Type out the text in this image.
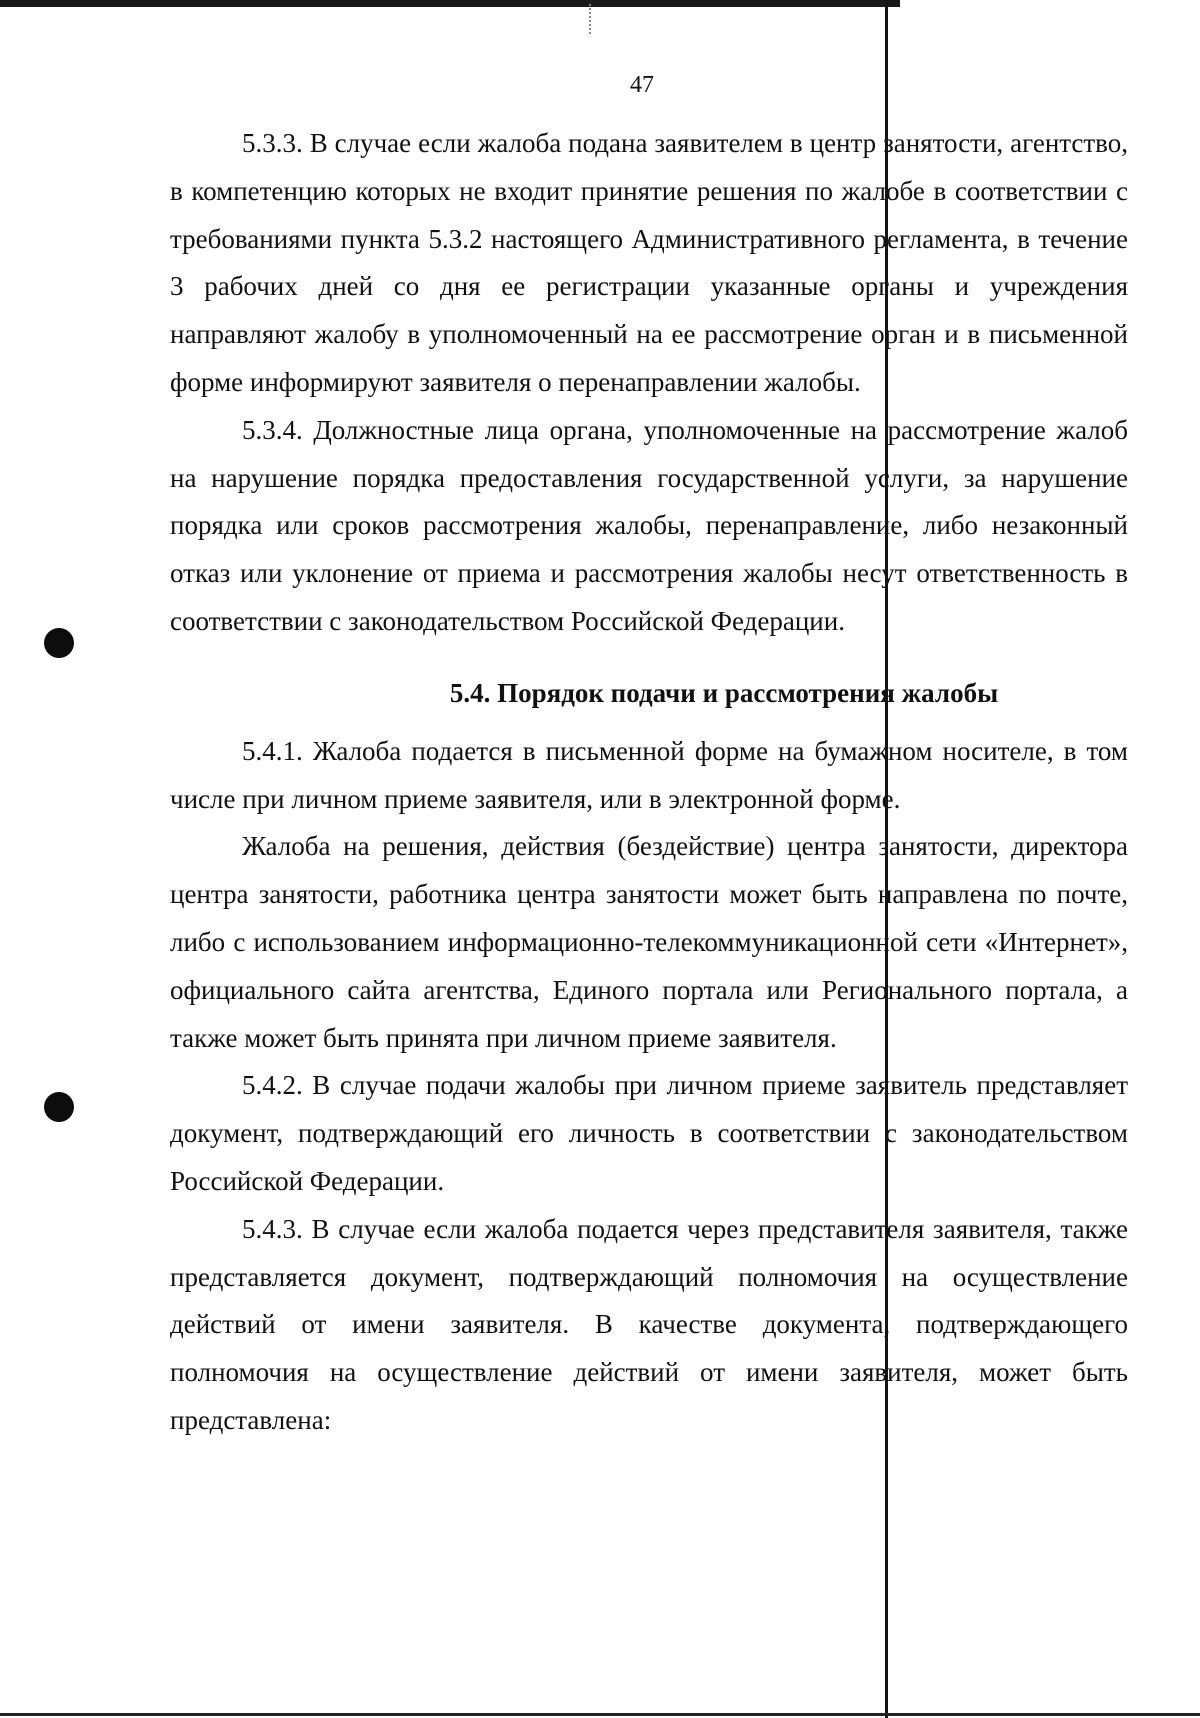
47

5.3.3. В случае если жалоба подана заявителем в центр занятости, агентство, в компетенцию которых не входит принятие решения по жалобе в соответствии с требованиями пункта 5.3.2 настоящего Административного регламента, в течение 3 рабочих дней со дня ее регистрации указанные органы и учреждения направляют жалобу в уполномоченный на ее рассмотрение орган и в письменной форме информируют заявителя о перенаправлении жалобы.

5.3.4. Должностные лица органа, уполномоченные на рассмотрение жалоб на нарушение порядка предоставления государственной услуги, за нарушение порядка или сроков рассмотрения жалобы, перенаправление, либо незаконный отказ или уклонение от приема и рассмотрения жалобы несут ответственность в соответствии с законодательством Российской Федерации.

5.4. Порядок подачи и рассмотрения жалобы

5.4.1. Жалоба подается в письменной форме на бумажном носителе, в том числе при личном приеме заявителя, или в электронной форме.

Жалоба на решения, действия (бездействие) центра занятости, директора центра занятости, работника центра занятости может быть направлена по почте, либо с использованием информационно-телекоммуникационной сети «Интернет», официального сайта агентства, Единого портала или Регионального портала, а также может быть принята при личном приеме заявителя.

5.4.2. В случае подачи жалобы при личном приеме заявитель представляет документ, подтверждающий его личность в соответствии с законодательством Российской Федерации.

5.4.3. В случае если жалоба подается через представителя заявителя, также представляется документ, подтверждающий полномочия на осуществление действий от имени заявителя. В качестве документа, подтверждающего полномочия на осуществление действий от имени заявителя, может быть представлена:
